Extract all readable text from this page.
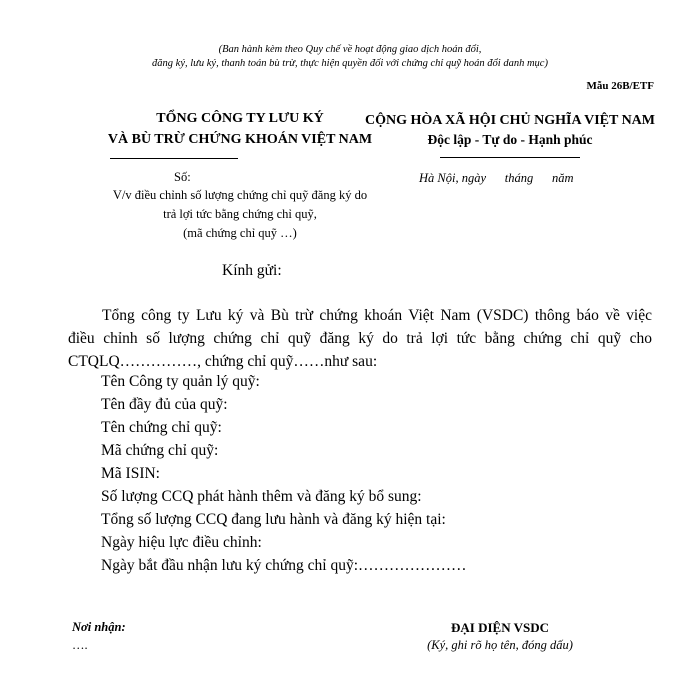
(Ban hành kèm theo Quy chế về hoạt động giao dịch hoán đổi,
đăng ký, lưu ký, thanh toán bù trừ, thực hiện quyền đối với chứng chỉ quỹ hoán đổi danh mục)
Mẫu 26B/ETF
TỔNG CÔNG TY LƯU KÝ
VÀ BÙ TRỪ CHỨNG KHOÁN VIỆT NAM
Số:
V/v điều chỉnh số lượng chứng chỉ quỹ đăng ký do
trả lợi tức bằng chứng chỉ quỹ,
(mã chứng chỉ quỹ …)
CỘNG HÒA XÃ HỘI CHỦ NGHĨA VIỆT NAM
Độc lập - Tự do - Hạnh phúc
Hà Nội, ngày      tháng      năm
Kính gửi:
Tổng công ty Lưu ký và Bù trừ chứng khoán Việt Nam (VSDC) thông báo về việc
điều chỉnh số lượng chứng chỉ quỹ đăng ký do trả lợi tức bằng chứng chỉ quỹ cho
CTQLQ……………, chứng chỉ quỹ……như sau:
Tên Công ty quản lý quỹ:
Tên đầy đủ của quỹ:
Tên chứng chỉ quỹ:
Mã chứng chỉ quỹ:
Mã ISIN:
Số lượng CCQ phát hành thêm và đăng ký bổ sung:
Tổng số lượng CCQ đang lưu hành và đăng ký hiện tại:
Ngày hiệu lực điều chỉnh:
Ngày bắt đầu nhận lưu ký chứng chỉ quỹ:…………………
Nơi nhận:
….
ĐẠI DIỆN VSDC
(Ký, ghi rõ họ tên, đóng dấu)
